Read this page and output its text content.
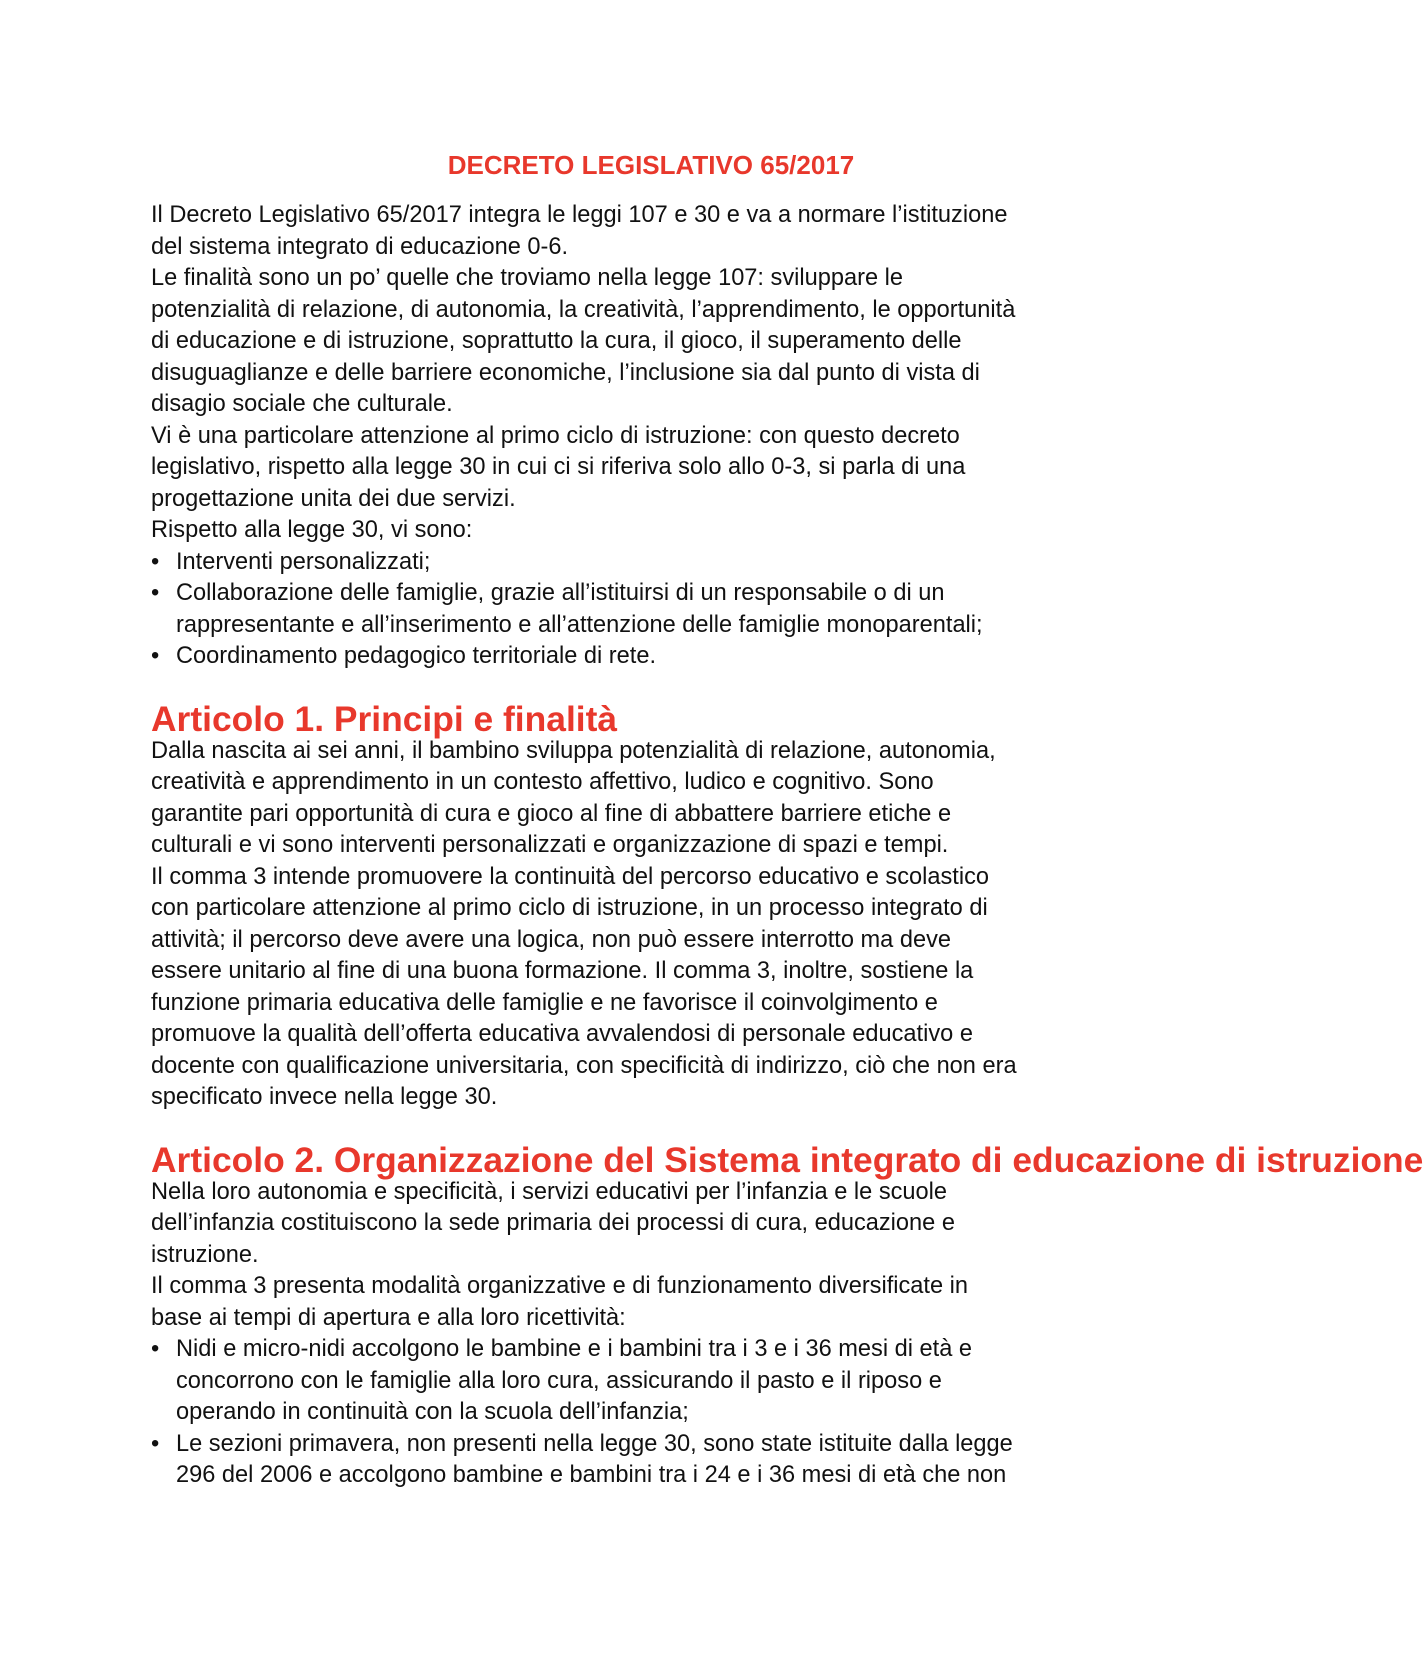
DECRETO LEGISLATIVO 65/2017

Il Decreto Legislativo 65/2017 integra le leggi 107 e 30 e va a normare l’istituzione

del sistema integrato di educazione 0-6.

Le finalità sono un po’ quelle che troviamo nella legge 107: sviluppare le

potenzialità di relazione, di autonomia, la creatività, l’apprendimento, le opportunità

di educazione e di istruzione, soprattutto la cura, il gioco, il superamento delle

disuguaglianze e delle barriere economiche, l’inclusione sia dal punto di vista di

disagio sociale che culturale.

Vi è una particolare attenzione al primo ciclo di istruzione: con questo decreto

legislativo, rispetto alla legge 30 in cui ci si riferiva solo allo 0-3, si parla di una

progettazione unita dei due servizi.

Rispetto alla legge 30, vi sono:

• Interventi personalizzati;
• Collaborazione delle famiglie, grazie all’istituirsi di un responsabile o di un
rappresentante e all’inserimento e all’attenzione delle famiglie monoparentali;
• Coordinamento pedagogico territoriale di rete.
Articolo 1. Principi e finalità

Dalla nascita ai sei anni, il bambino sviluppa potenzialità di relazione, autonomia,

creatività e apprendimento in un contesto affettivo, ludico e cognitivo. Sono

garantite pari opportunità di cura e gioco al fine di abbattere barriere etiche e

culturali e vi sono interventi personalizzati e organizzazione di spazi e tempi.

Il comma 3 intende promuovere la continuità del percorso educativo e scolastico

con particolare attenzione al primo ciclo di istruzione, in un processo integrato di

attività; il percorso deve avere una logica, non può essere interrotto ma deve

essere unitario al fine di una buona formazione. Il comma 3, inoltre, sostiene la

funzione primaria educativa delle famiglie e ne favorisce il coinvolgimento e

promuove la qualità dell’offerta educativa avvalendosi di personale educativo e

docente con qualificazione universitaria, con specificità di indirizzo, ciò che non era

specificato invece nella legge 30.

Articolo 2. Organizzazione del Sistema integrato di educazione di istruzione

Nella loro autonomia e specificità, i servizi educativi per l’infanzia e le scuole

dell’infanzia costituiscono la sede primaria dei processi di cura, educazione e

istruzione.

Il comma 3 presenta modalità organizzative e di funzionamento diversificate in

base ai tempi di apertura e alla loro ricettività:

• Nidi e micro-nidi accolgono le bambine e i bambini tra i 3 e i 36 mesi di età e
concorrono con le famiglie alla loro cura, assicurando il pasto e il riposo e
operando in continuità con la scuola dell’infanzia;
• Le sezioni primavera, non presenti nella legge 30, sono state istituite dalla legge
296 del 2006 e accolgono bambine e bambini tra i 24 e i 36 mesi di età che non
